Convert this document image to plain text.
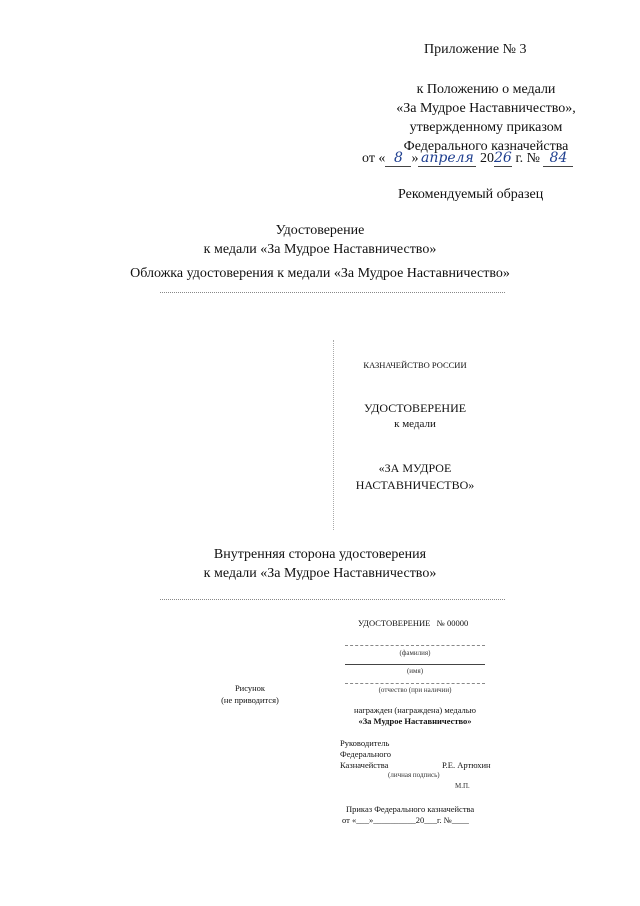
Приложение № 3
к Положению о медали
«За Мудрое Наставничество»,
утвержденному приказом
Федерального казначейства
от « 8 » апреля 2026 г. № 84
Рекомендуемый образец
Удостоверение
к медали «За Мудрое Наставничество»
Обложка удостоверения к медали «За Мудрое Наставничество»
КАЗНАЧЕЙСТВО РОССИИ
УДОСТОВЕРЕНИЕ
к медали
«ЗА МУДРОЕ
НАСТАВНИЧЕСТВО»
Внутренняя сторона удостоверения
к медали «За Мудрое Наставничество»
УДОСТОВЕРЕНИЕ № 00000
(фамилия)
(имя)
(отчество (при наличии)
Рисунок
(не приводится)
награжден (награждена) медалью
«За Мудрое Наставничество»
Руководитель
Федерального
Казначейства	Р.Е. Артюхин
(личная подпись)
М.П.
Приказ Федерального казначейства
от «___»__________20___г. №____
